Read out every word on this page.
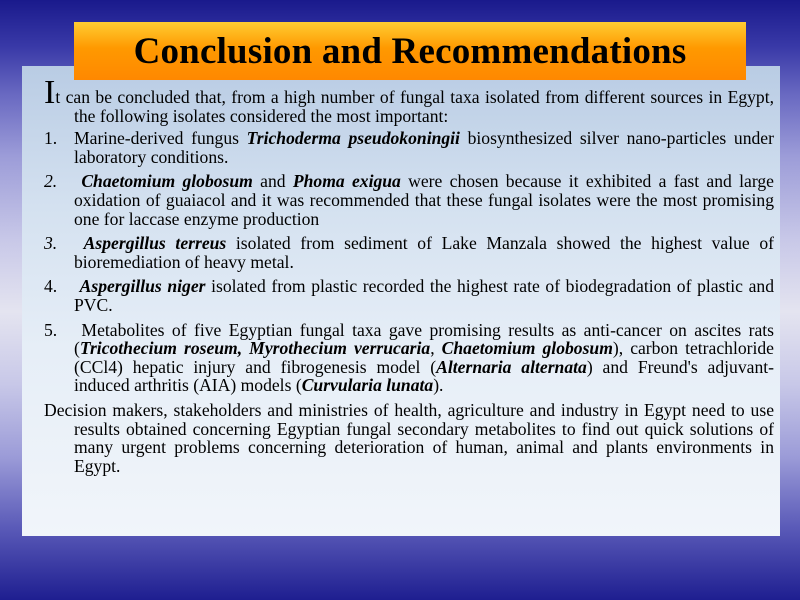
Conclusion and Recommendations
It can be concluded that, from a high number of fungal taxa isolated from different sources in Egypt, the following isolates considered the most important:
1. Marine-derived fungus Trichoderma pseudokoningii biosynthesized silver nano-particles under laboratory conditions.
2. Chaetomium globosum and Phoma exigua were chosen because it exhibited a fast and large oxidation of guaiacol and it was recommended that these fungal isolates were the most promising one for laccase enzyme production
3. Aspergillus terreus isolated from sediment of Lake Manzala showed the highest value of bioremediation of heavy metal.
4. Aspergillus niger isolated from plastic recorded the highest rate of biodegradation of plastic and PVC.
5. Metabolites of five Egyptian fungal taxa gave promising results as anti-cancer on ascites rats (Tricothecium roseum, Myrothecium verrucaria, Chaetomium globosum), carbon tetrachloride (CCl4) hepatic injury and fibrogenesis model (Alternaria alternata) and Freund's adjuvant-induced arthritis (AIA) models (Curvularia lunata).
Decision makers, stakeholders and ministries of health, agriculture and industry in Egypt need to use results obtained concerning Egyptian fungal secondary metabolites to find out quick solutions of many urgent problems concerning deterioration of human, animal and plants environments in Egypt.
